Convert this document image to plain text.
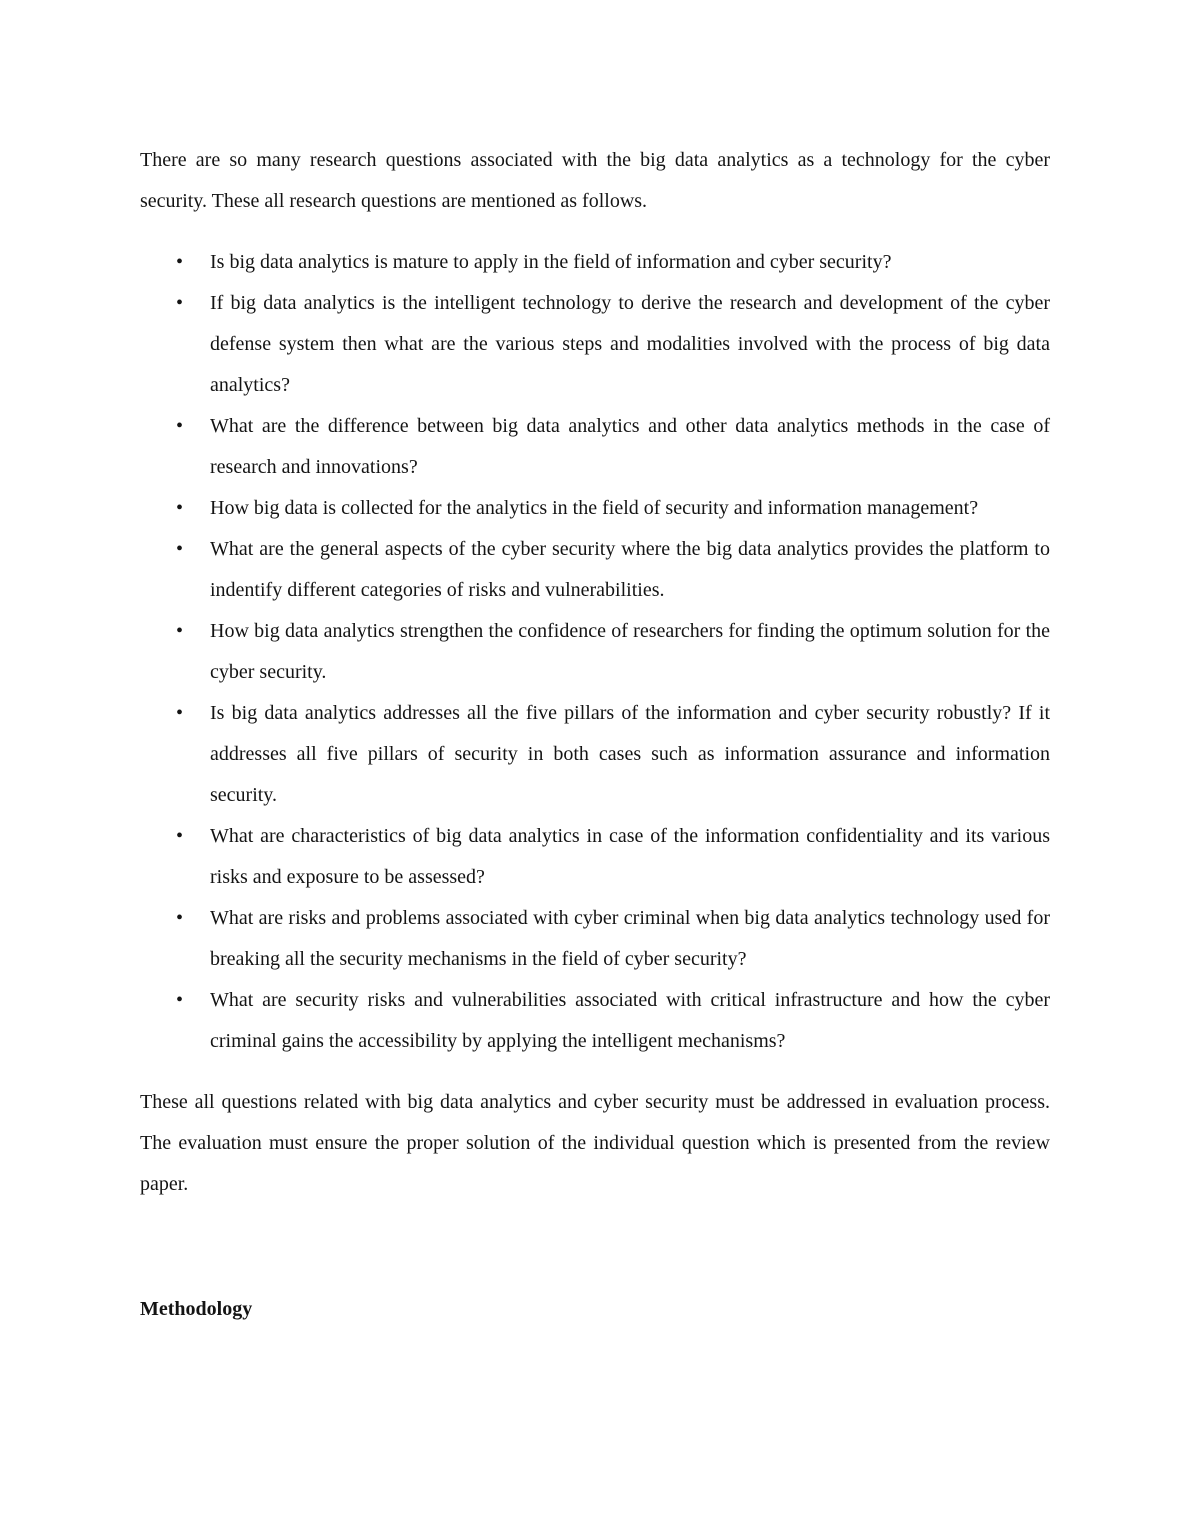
There are so many research questions associated with the big data analytics as a technology for the cyber security. These all research questions are mentioned as follows.

• Is big data analytics is mature to apply in the field of information and cyber security?
• If big data analytics is the intelligent technology to derive the research and development of the cyber defense system then what are the various steps and modalities involved with the process of big data analytics?
• What are the difference between big data analytics and other data analytics methods in the case of research and innovations?
• How big data is collected for the analytics in the field of security and information management?
• What are the general aspects of the cyber security where the big data analytics provides the platform to indentify different categories of risks and vulnerabilities.
• How big data analytics strengthen the confidence of researchers for finding the optimum solution for the cyber security.
• Is big data analytics addresses all the five pillars of the information and cyber security robustly? If it addresses all five pillars of security in both cases such as information assurance and information security.
• What are characteristics of big data analytics in case of the information confidentiality and its various risks and exposure to be assessed?
• What are risks and problems associated with cyber criminal when big data analytics technology used for breaking all the security mechanisms in the field of cyber security?
• What are security risks and vulnerabilities associated with critical infrastructure and how the cyber criminal gains the accessibility by applying the intelligent mechanisms?

These all questions related with big data analytics and cyber security must be addressed in evaluation process. The evaluation must ensure the proper solution of the individual question which is presented from the review paper.

Methodology
